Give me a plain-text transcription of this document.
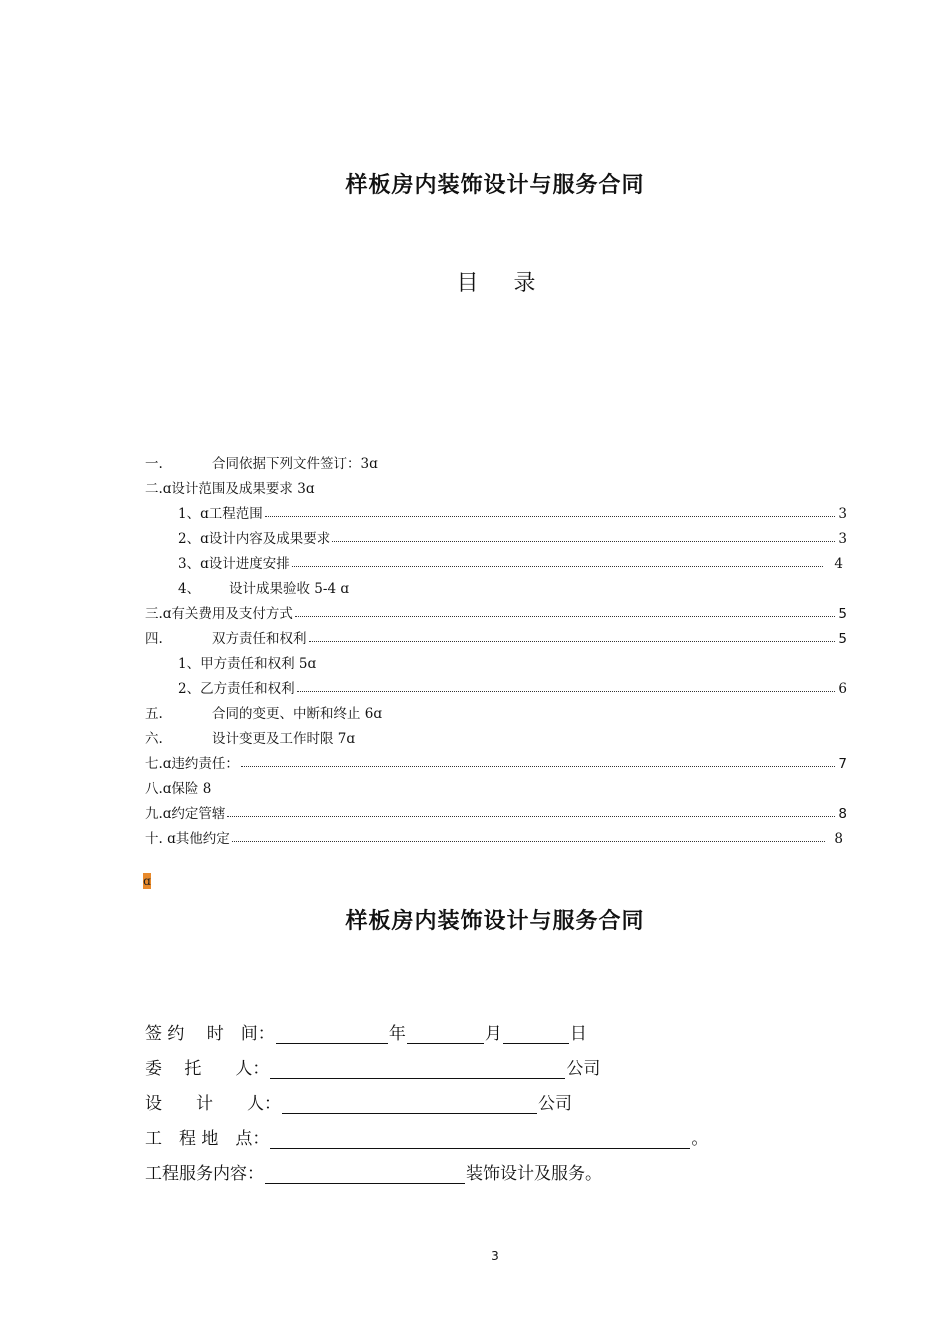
样板房内装饰设计与服务合同
目 录
一.	合同依据下列文件签订：3ɑ
二.ɑ设计范围及成果要求 3ɑ
1、ɑ工程范围	3
2、ɑ设计内容及成果要求	3
3、ɑ设计进度安排	4
4、	设计成果验收 5-4 ɑ
三.ɑ有关费用及支付方式	5
四.	双方责任和权利	5
1、甲方责任和权利 5ɑ
2、乙方责任和权利	6
五.	合同的变更、中断和终止 6ɑ
六.	设计变更及工作时限 7ɑ
七.ɑ违约责任：	7
八.ɑ保险 8
九.ɑ约定管辖	8
十. ɑ其他约定	8
ɑ
样板房内装饰设计与服务合同
签 约　 时　间：	年	月	日
委　 托　　人：	公司
设　　计　　人：	公司
工　程 地　点：	。
工程服务内容：	装饰设计及服务。
3
